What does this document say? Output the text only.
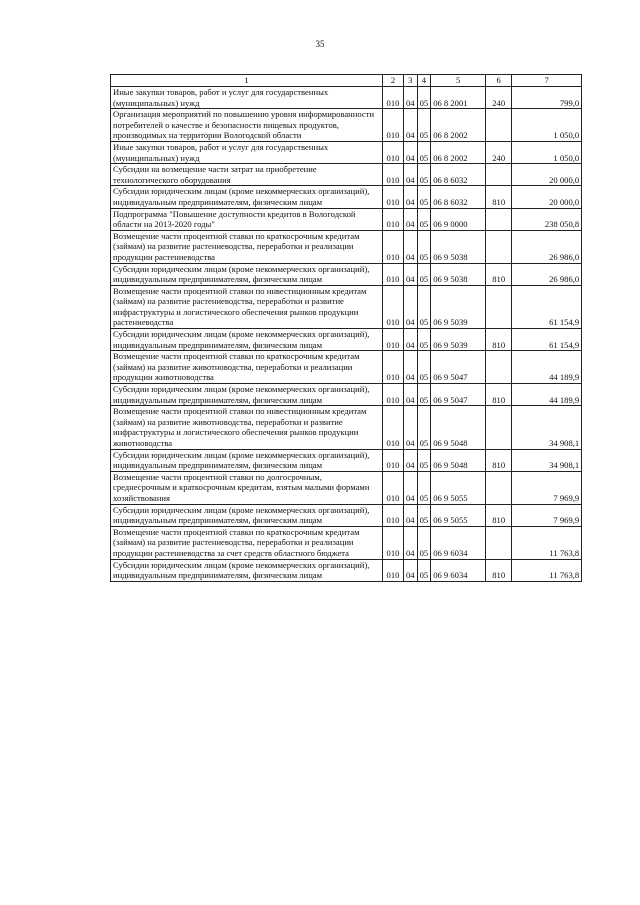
35
1	2	3	4	5	6	7
Иные закупки товаров, работ и услуг для государственных (муниципальных) нужд	010	04	05	06 8 2001	240	799,0
Организация мероприятий по повышению уровня информированности потребителей о качестве и безопасности пищевых продуктов, производимых на территории Вологодской области	010	04	05	06 8 2002		1 050,0
Иные закупки товаров, работ и услуг для государственных (муниципальных) нужд	010	04	05	06 8 2002	240	1 050,0
Субсидии на возмещение части затрат на приобретение технологического оборудования	010	04	05	06 8 6032		20 000,0
Субсидии юридическим лицам (кроме некоммерческих организаций), индивидуальным предпринимателям, физическим лицам	010	04	05	06 8 6032	810	20 000,0
Подпрограмма "Повышение доступности кредитов в Вологодской области на 2013-2020 годы"	010	04	05	06 9 0000		238 050,8
Возмещение части процентной ставки по краткосрочным кредитам (займам) на развитие растениеводства, переработки и реализации продукции растениеводства	010	04	05	06 9 5038		26 986,0
Субсидии юридическим лицам (кроме некоммерческих организаций), индивидуальным предпринимателям, физическим лицам	010	04	05	06 9 5038	810	26 986,0
Возмещение части процентной ставки по инвестиционным кредитам (займам) на развитие растениеводства, переработки и развитие инфраструктуры и логистического обеспечения рынков продукции растениеводства	010	04	05	06 9 5039		61 154,9
Субсидии юридическим лицам (кроме некоммерческих организаций), индивидуальным предпринимателям, физическим лицам	010	04	05	06 9 5039	810	61 154,9
Возмещение части процентной ставки по краткосрочным кредитам (займам) на развитие животноводства, переработки и реализации продукции животноводства	010	04	05	06 9 5047		44 189,9
Субсидии юридическим лицам (кроме некоммерческих организаций), индивидуальным предпринимателям, физическим лицам	010	04	05	06 9 5047	810	44 189,9
Возмещение части процентной ставки по инвестиционным кредитам (займам) на развитие животноводства, переработки и развитие инфраструктуры и логистического обеспечения рынков продукции животноводства	010	04	05	06 9 5048		34 908,1
Субсидии юридическим лицам (кроме некоммерческих организаций), индивидуальным предпринимателям, физическим лицам	010	04	05	06 9 5048	810	34 908,1
Возмещение части процентной ставки по долгосрочным, среднесрочным и краткосрочным кредитам, взятым малыми формами хозяйствования	010	04	05	06 9 5055		7 969,9
Субсидии юридическим лицам (кроме некоммерческих организаций), индивидуальным предпринимателям, физическим лицам	010	04	05	06 9 5055	810	7 969,9
Возмещение части процентной ставки по краткосрочным кредитам (займам) на развитие растениеводства, переработки и реализации продукции растениеводства за счет средств областного бюджета	010	04	05	06 9 6034		11 763,8
Субсидии юридическим лицам (кроме некоммерческих организаций), индивидуальным предпринимателям, физическим лицам	010	04	05	06 9 6034	810	11 763,8
